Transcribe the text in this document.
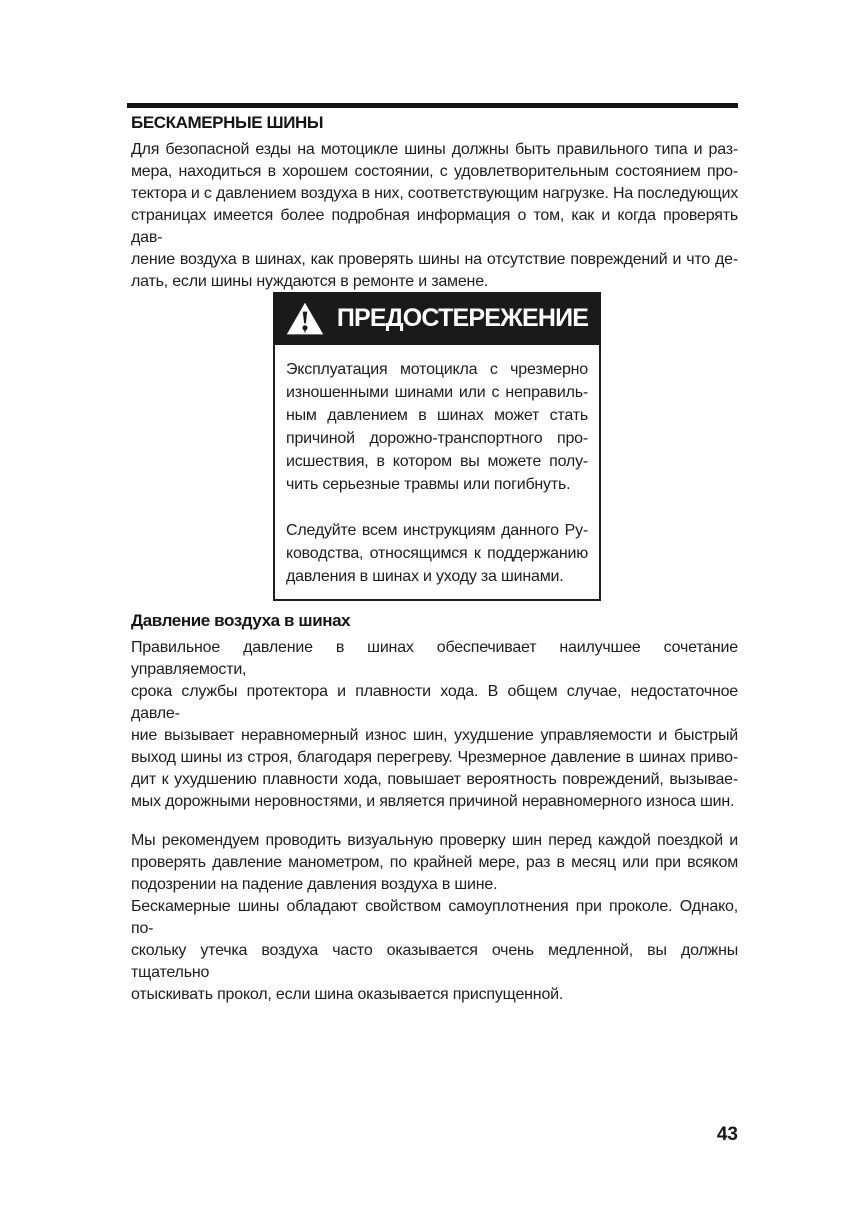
БЕСКАМЕРНЫЕ ШИНЫ
Для безопасной езды на мотоцикле шины должны быть правильного типа и раз-
мера, находиться в хорошем состоянии, с удовлетворительным состоянием про-
тектора и с давлением воздуха в них, соответствующим нагрузке. На последующих
страницах имеется более подробная информация о том, как и когда проверять дав-
ление воздуха в шинах, как проверять шины на отсутствие повреждений и что де-
лать, если шины нуждаются в ремонте и замене.
ПРЕДОСТЕРЕЖЕНИЕ
Эксплуатация мотоцикла с чрезмерно
изношенными шинами или с неправиль-
ным давлением в шинах может стать
причиной дорожно-транспортного про-
исшествия, в котором вы можете полу-
чить серьезные травмы или погибнуть.
Следуйте всем инструкциям данного Ру-
ководства, относящимся к поддержанию
давления в шинах и уходу за шинами.
Давление воздуха в шинах
Правильное давление в шинах обеспечивает наилучшее сочетание управляемости,
срока службы протектора и плавности хода. В общем случае, недостаточное давле-
ние вызывает неравномерный износ шин, ухудшение управляемости и быстрый
выход шины из строя, благодаря перегреву. Чрезмерное давление в шинах приво-
дит к ухудшению плавности хода, повышает вероятность повреждений, вызывае-
мых дорожными неровностями, и является причиной неравномерного износа шин.
Мы рекомендуем проводить визуальную проверку шин перед каждой поездкой и
проверять давление манометром, по крайней мере, раз в месяц или при всяком
подозрении на падение давления воздуха в шине.
Бескамерные шины обладают свойством самоуплотнения при проколе. Однако, по-
скольку утечка воздуха часто оказывается очень медленной, вы должны тщательно
отыскивать прокол, если шина оказывается приспущенной.
43
